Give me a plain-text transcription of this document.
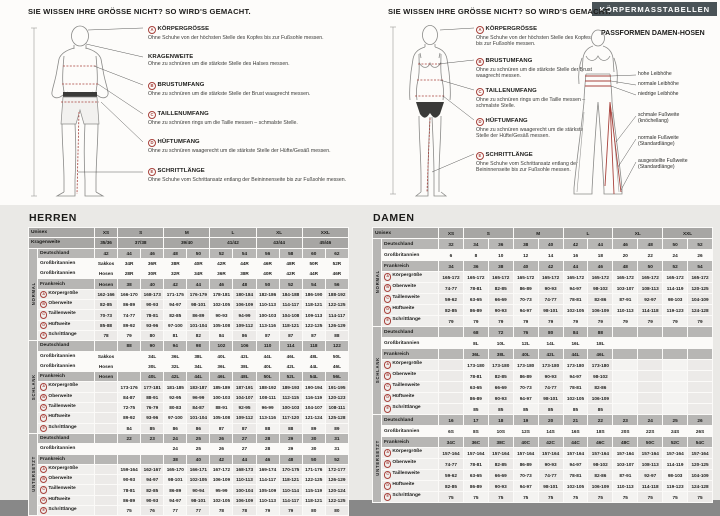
KÖRPERMASSTABELLEN
SIE WISSEN IHRE GRÖSSE NICHT? SO WIRD'S GEMACHT.	SIE WISSEN IHRE GRÖSSE NICHT? SO WIRD'S GEMACHT.
A KÖRPERGRÖSSE
Ohne Schuhe von der höchsten Stelle des Kopfes bis zur Fußsohle messen.
KRAGENWEITE
Ohne zu schnüren um die stärkste Stelle des Halses messen.
B BRUSTUMFANG
Ohne zu schnüren um die stärkste Stelle der Brust waagrecht messen.
C TAILLENUMFANG
Ohne zu schnüren rings um die Taille messen – schmalste Stelle.
D HÜFTUMFANG
Ohne zu schnüren waagerecht um die stärkste Stelle der Hüfte/Gesäß messen.
E SCHRITTLÄNGE
Ohne Schuhe vom Schrittansatz entlang der Beininnenseite bis zur Fußsohle messen.
A KÖRPERGRÖSSE
Ohne Schuhe von der höchsten Stelle des Kopfes bis zur Fußsohle messen.
B BRUSTUMFANG
Ohne zu schnüren um die stärkste Stelle der Brust waagrecht messen.
C TAILLENUMFANG
Ohne zu schnüren rings um die Taille messen – schmalste Stelle.
D HÜFTUMFANG
Ohne zu schnüren waagerecht um die stärkste Stelle der Hüfte/Gesäß messen.
E SCHRITTLÄNGE
Ohne Schuhe vom Schrittansatz entlang der Beininnenseite bis zur Fußsohle messen.
PASSFORMEN DAMEN-HOSEN
hohe Leibhöhe
normale Leibhöhe
niedrige Leibhöhe
schmale Fußweite
(knöchellang)
normale Fußweite
(Standardlänge)
ausgestellte Fußweite
(Standardlänge)
HERREN
Unisex		XS	S		M		L		XL		XXL	
Kragenweite		35/36	37/38		39/40		41/42		43/44		45/46	
NORMAL	Deutschland	42	44	46	48	50	52	54	56	58	60	62
	Großbritannien	Sakkos	34R	36R	38R	40R	42R	44R	46R	48R	50R	52R
	Großbritannien	Hosen	28R	30R	32R	34R	36R	38R	40R	42R	44R	46R
	Frankreich	Hosen	38	40	42	44	46	48	50	52	54	56
	A Körpergröße	162-166	166-170	168-173	171-175	176-179	178-181	180-184	182-186	184-188	186-190	188-192
	B Oberweite	82-85	86-89	90-93	94-97	98-101	102-105	106-109	110-113	114-117	118-121	122-125
	C Taillenweite	70-73	74-77	78-81	82-85	86-89	90-93	94-99	100-103	104-108	109-113	114-117
	D Hüftweite	85-88	89-92	93-96	97-100	101-104	105-108	109-112	113-116	118-121	122-125	126-129
	E Schrittlänge	78	79	80	81	82	84	86	87	87	87	88
SCHLANK	Deutschland		88	90	94	98	102	106	110	114	118	122
	Großbritannien	Sakkos		34L	36L	38L	40L	42L	44L	46L	48L	50L
	Großbritannien	Hosen		30L	32L	34L	36L	38L	40L	42L	44L	46L
	Frankreich	Hosen		40L	42L	44L	46L	48L	50L	52L	54L	56L
	A Körpergröße		173-176	177-181	181-185	183-187	185-189	187-191	188-192	189-193	190-194	191-195
	B Oberweite		84-87	88-91	92-95	96-99	100-103	104-107	108-111	112-115	116-119	120-123
	C Taillenweite		72-75	76-79	80-83	84-87	88-91	92-95	96-99	100-103	104-107	108-111
	D Hüftweite		89-92	93-96	97-100	101-104	105-108	109-112	113-116	117-120	121-124	125-128
	E Schrittlänge		84	85	86	86	87	87	88	88	89	89
UNTERSETZT	Deutschland		22	23	24	25	26	27	28	29	30	31
	Großbritannien				24	25	26	27	28	29	30	31
	Frankreich				38	40	42	44	46	48	50	52
	A Körpergröße		159-164	162-167	165-170	166-171	167-172	168-173	169-174	170-175	171-176	172-177
	B Oberweite		90-93	94-97	98-101	102-105	106-109	110-113	114-117	118-121	122-125	126-129
	C Taillenweite		78-81	82-85	86-89	90-94	95-99	100-104	105-109	110-114	115-119	120-124
	D Hüftweite		86-89	90-93	94-97	98-101	102-105	106-109	110-113	114-117	118-121	122-125
	E Schrittlänge		75	76	77	77	78	78	79	79	80	80
DAMEN
Unisex		XS	S		M		L		XL		XXL	
NORMAL	Deutschland	32	34	36	38	40	42	44	46	48	50	52
	Großbritannien	6	8	10	12	14	16	18	20	22	24	26
	Frankreich	34	36	38	40	42	44	46	48	50	52	54
	A Körpergröße	165-172	165-172	165-172	165-172	165-172	165-172	165-172	165-172	165-172	165-172	165-172
	B Oberweite	74-77	78-81	82-85	86-89	90-93	94-97	98-102	103-107	108-113	114-119	120-125
	C Taillenweite	59-62	63-65	66-69	70-73	74-77	78-81	82-86	87-91	92-97	98-103	104-109
	D Hüftweite	82-85	86-89	90-93	94-97	98-101	102-105	106-109	110-113	114-118	119-123	124-128
	E Schrittlänge	79	79	79	79	79	79	79	79	79	79	79
SCHLANK	Deutschland		68	72	76	80	84	88				
	Großbritannien		8L	10L	12L	14L	16L	18L				
	Frankreich		36L	38L	40L	42L	44L	46L				
	A Körpergröße		173-180	173-180	173-180	173-180	173-180	173-180				
	B Oberweite		78-81	82-85	86-89	90-93	94-97	98-102				
	C Taillenweite		63-65	66-69	70-73	74-77	78-81	82-86				
	D Hüftweite		86-89	90-93	94-97	98-101	102-105	106-109				
	E Schrittlänge		85	85	85	85	85	85				
UNTERSETZT	Deutschland	16	17	18	19	20	21	22	23	24	25	26
	Großbritannien	6S	8S	10S	12S	14S	16S	18S	20S	22S	24S	26S
	Frankreich	34C	36C	38C	40C	42C	44C	46C	48C	50C	52C	54C
	A Körpergröße	157-164	157-164	157-164	157-164	157-164	157-164	157-164	157-164	157-164	157-164	157-164
	B Oberweite	74-77	78-81	82-85	86-89	90-93	94-97	98-102	103-107	108-113	114-119	120-125
	C Taillenweite	59-62	63-65	66-69	70-73	74-77	78-81	82-86	87-91	92-97	98-103	104-109
	D Hüftweite	82-85	86-89	90-93	94-97	98-101	102-105	106-109	110-113	114-118	119-123	124-128
	E Schrittlänge	75	75	75	75	75	75	75	75	75	75	75
